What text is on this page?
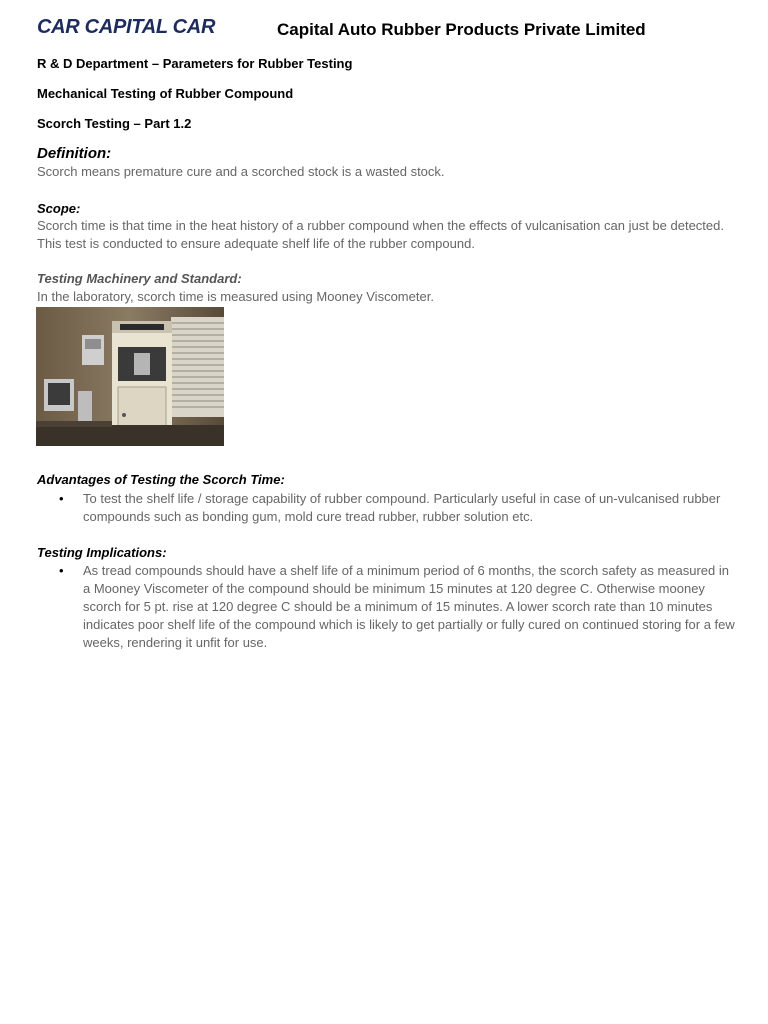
CAR CAPITAL CAR	Capital Auto Rubber Products Private Limited
R & D Department – Parameters for Rubber Testing
Mechanical Testing of Rubber Compound
Scorch Testing – Part 1.2
Definition:
Scorch means premature cure and a scorched stock is a wasted stock.
Scope:
Scorch time is that time in the heat history of a rubber compound when the effects of vulcanisation can just be detected. This test is conducted to ensure adequate shelf life of the rubber compound.
Testing Machinery and Standard:
In the laboratory, scorch time is measured using Mooney Viscometer.
Advantages of Testing the Scorch Time:
• To test the shelf life / storage capability of rubber compound. Particularly useful in case of un-vulcanised rubber compounds such as bonding gum, mold cure tread rubber, rubber solution etc.
Testing Implications:
• As tread compounds should have a shelf life of a minimum period of 6 months, the scorch safety as measured in a Mooney Viscometer of the compound should be minimum 15 minutes at 120 degree C. Otherwise mooney scorch for 5 pt. rise at 120 degree C should be a minimum of 15 minutes. A lower scorch rate than 10 minutes indicates poor shelf life of the compound which is likely to get partially or fully cured on continued storing for a few weeks, rendering it unfit for use.
